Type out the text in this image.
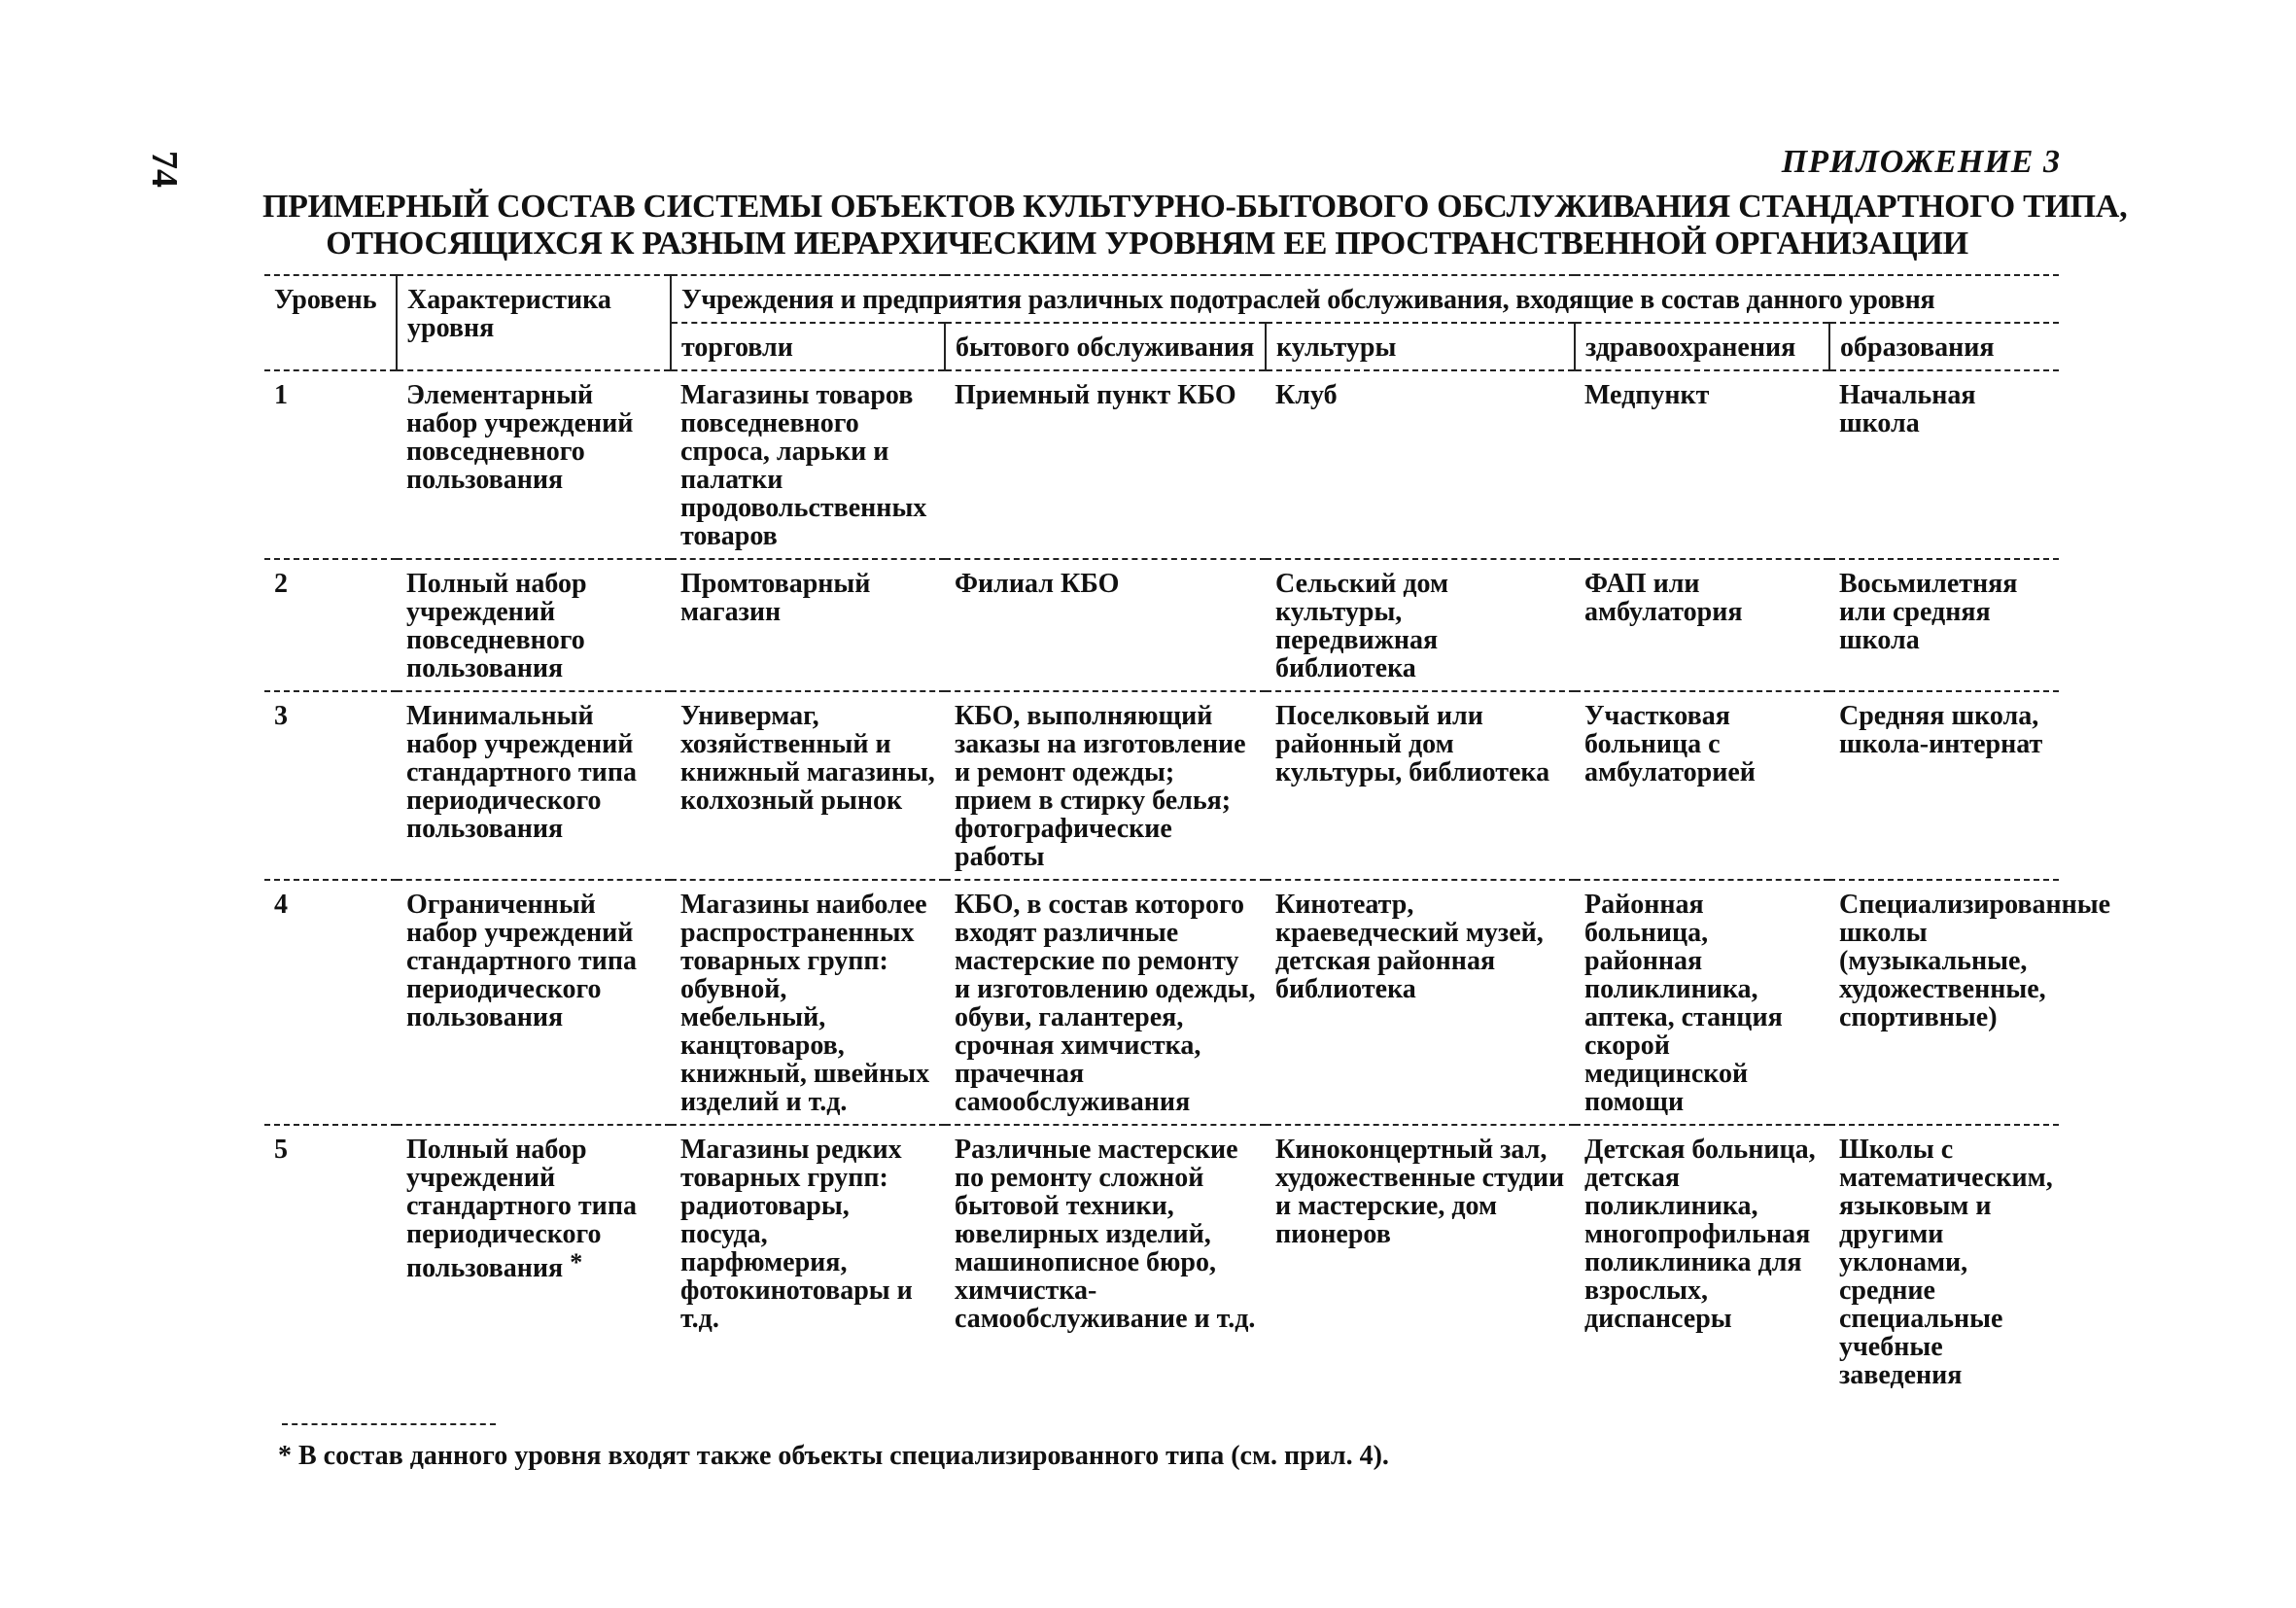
74	ПРИЛОЖЕНИЕ 3
ПРИМЕРНЫЙ СОСТАВ СИСТЕМЫ ОБЪЕКТОВ КУЛЬТУРНО-БЫТОВОГО ОБСЛУЖИВАНИЯ СТАНДАРТНОГО ТИПА,
ОТНОСЯЩИХСЯ К РАЗНЫМ ИЕРАРХИЧЕСКИМ УРОВНЯМ ЕЕ ПРОСТРАНСТВЕННОЙ ОРГАНИЗАЦИИ
Уровень	Характеристика уровня	Учреждения и предприятия различных подотраслей обслуживания, входящие в состав данного уровня				
		торговли	бытового обслуживания	культуры	здравоохранения	образования
1	Элементарный набор учреждений повседневного пользования	Магазины товаров повседневного спроса, ларьки и палатки продовольственных товаров	Приемный пункт КБО	Клуб	Медпункт	Начальная школа
2	Полный набор учреждений повседневного пользования	Промтоварный магазин	Филиал КБО	Сельский дом культуры, передвижная библиотека	ФАП или амбулатория	Восьмилетняя или средняя школа
3	Минимальный набор учреждений стандартного типа периодического пользования	Универмаг, хозяйственный и книжный магазины, колхозный рынок	КБО, выполняющий заказы на изготовление и ремонт одежды; прием в стирку белья; фотографические работы	Поселковый или районный дом культуры, библиотека	Участковая больница с амбулаторией	Средняя школа, школа-интернат
4	Ограниченный набор учреждений стандартного типа периодического пользования	Магазины наиболее распространенных товарных групп: обувной, мебельный, канцтоваров, книжный, швейных изделий и т.д.	КБО, в состав которого входят различные мастерские по ремонту и изготовлению одежды, обуви, галантерея, срочная химчистка, прачечная самообслуживания	Кинотеатр, краеведческий музей, детская районная библиотека	Районная больница, районная поликлиника, аптека, станция скорой медицинской помощи	Специализированные школы (музыкальные, художественные, спортивные)
5	Полный набор учреждений стандартного типа периодического пользования *	Магазины редких товарных групп: радиотовары, посуда, парфюмерия, фотокинотовары и т.д.	Различные мастерские по ремонту сложной бытовой техники, ювелирных изделий, машинописное бюро, химчистка-самообслуживание и т.д.	Киноконцертный зал, художественные студии и мастерские, дом пионеров	Детская больница, детская поликлиника, многопрофильная поликлиника для взрослых, диспансеры	Школы с математическим, языковым и другими уклонами, средние специальные учебные заведения
* В состав данного уровня входят также объекты специализированного типа (см. прил. 4).
